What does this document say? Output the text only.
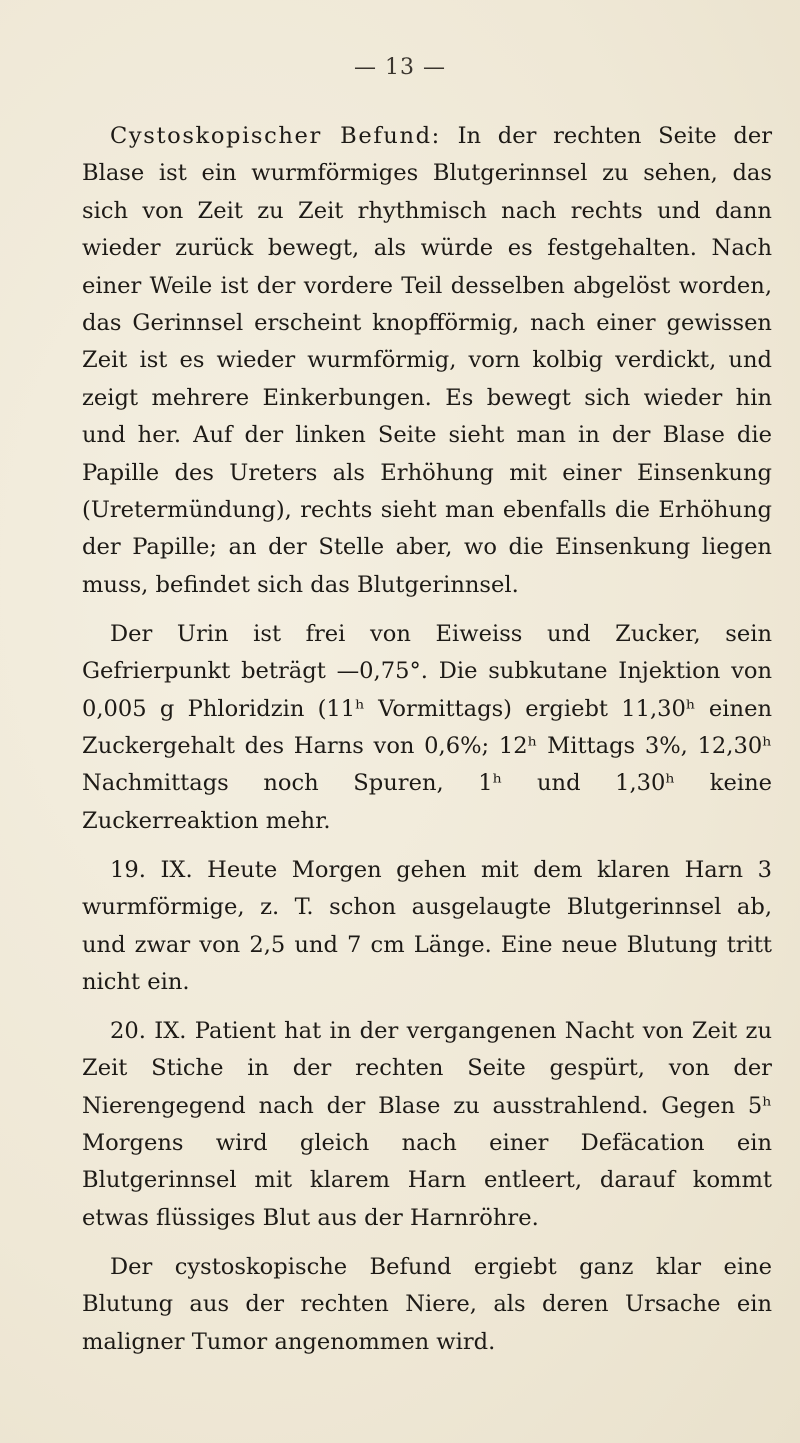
— 13 —

Cystoskopischer Befund: In der rechten Seite der Blase ist ein wurmförmiges Blutgerinnsel zu sehen, das sich von Zeit zu Zeit rhythmisch nach rechts und dann wieder zurück bewegt, als würde es festgehalten. Nach einer Weile ist der vordere Teil desselben abgelöst worden, das Gerinnsel erscheint knopfförmig, nach einer gewissen Zeit ist es wieder wurmförmig, vorn kolbig verdickt, und zeigt mehrere Einkerbungen. Es bewegt sich wieder hin und her. Auf der linken Seite sieht man in der Blase die Papille des Ureters als Erhöhung mit einer Einsenkung (Uretermündung), rechts sieht man ebenfalls die Erhöhung der Papille; an der Stelle aber, wo die Einsenkung liegen muss, befindet sich das Blutgerinnsel.

Der Urin ist frei von Eiweiss und Zucker, sein Gefrierpunkt beträgt —0,75°. Die subkutane Injektion von 0,005 g Phloridzin (11ʰ Vormittags) ergiebt 11,30ʰ einen Zuckergehalt des Harns von 0,6%; 12ʰ Mittags 3%, 12,30ʰ Nachmittags noch Spuren, 1ʰ und 1,30ʰ keine Zuckerreaktion mehr.

19. IX. Heute Morgen gehen mit dem klaren Harn 3 wurmförmige, z. T. schon ausgelaugte Blutgerinnsel ab, und zwar von 2,5 und 7 cm Länge. Eine neue Blutung tritt nicht ein.

20. IX. Patient hat in der vergangenen Nacht von Zeit zu Zeit Stiche in der rechten Seite gespürt, von der Nierengegend nach der Blase zu ausstrahlend. Gegen 5ʰ Morgens wird gleich nach einer Defäcation ein Blutgerinnsel mit klarem Harn entleert, darauf kommt etwas flüssiges Blut aus der Harnröhre.

Der cystoskopische Befund ergiebt ganz klar eine Blutung aus der rechten Niere, als deren Ursache ein maligner Tumor angenommen wird.
